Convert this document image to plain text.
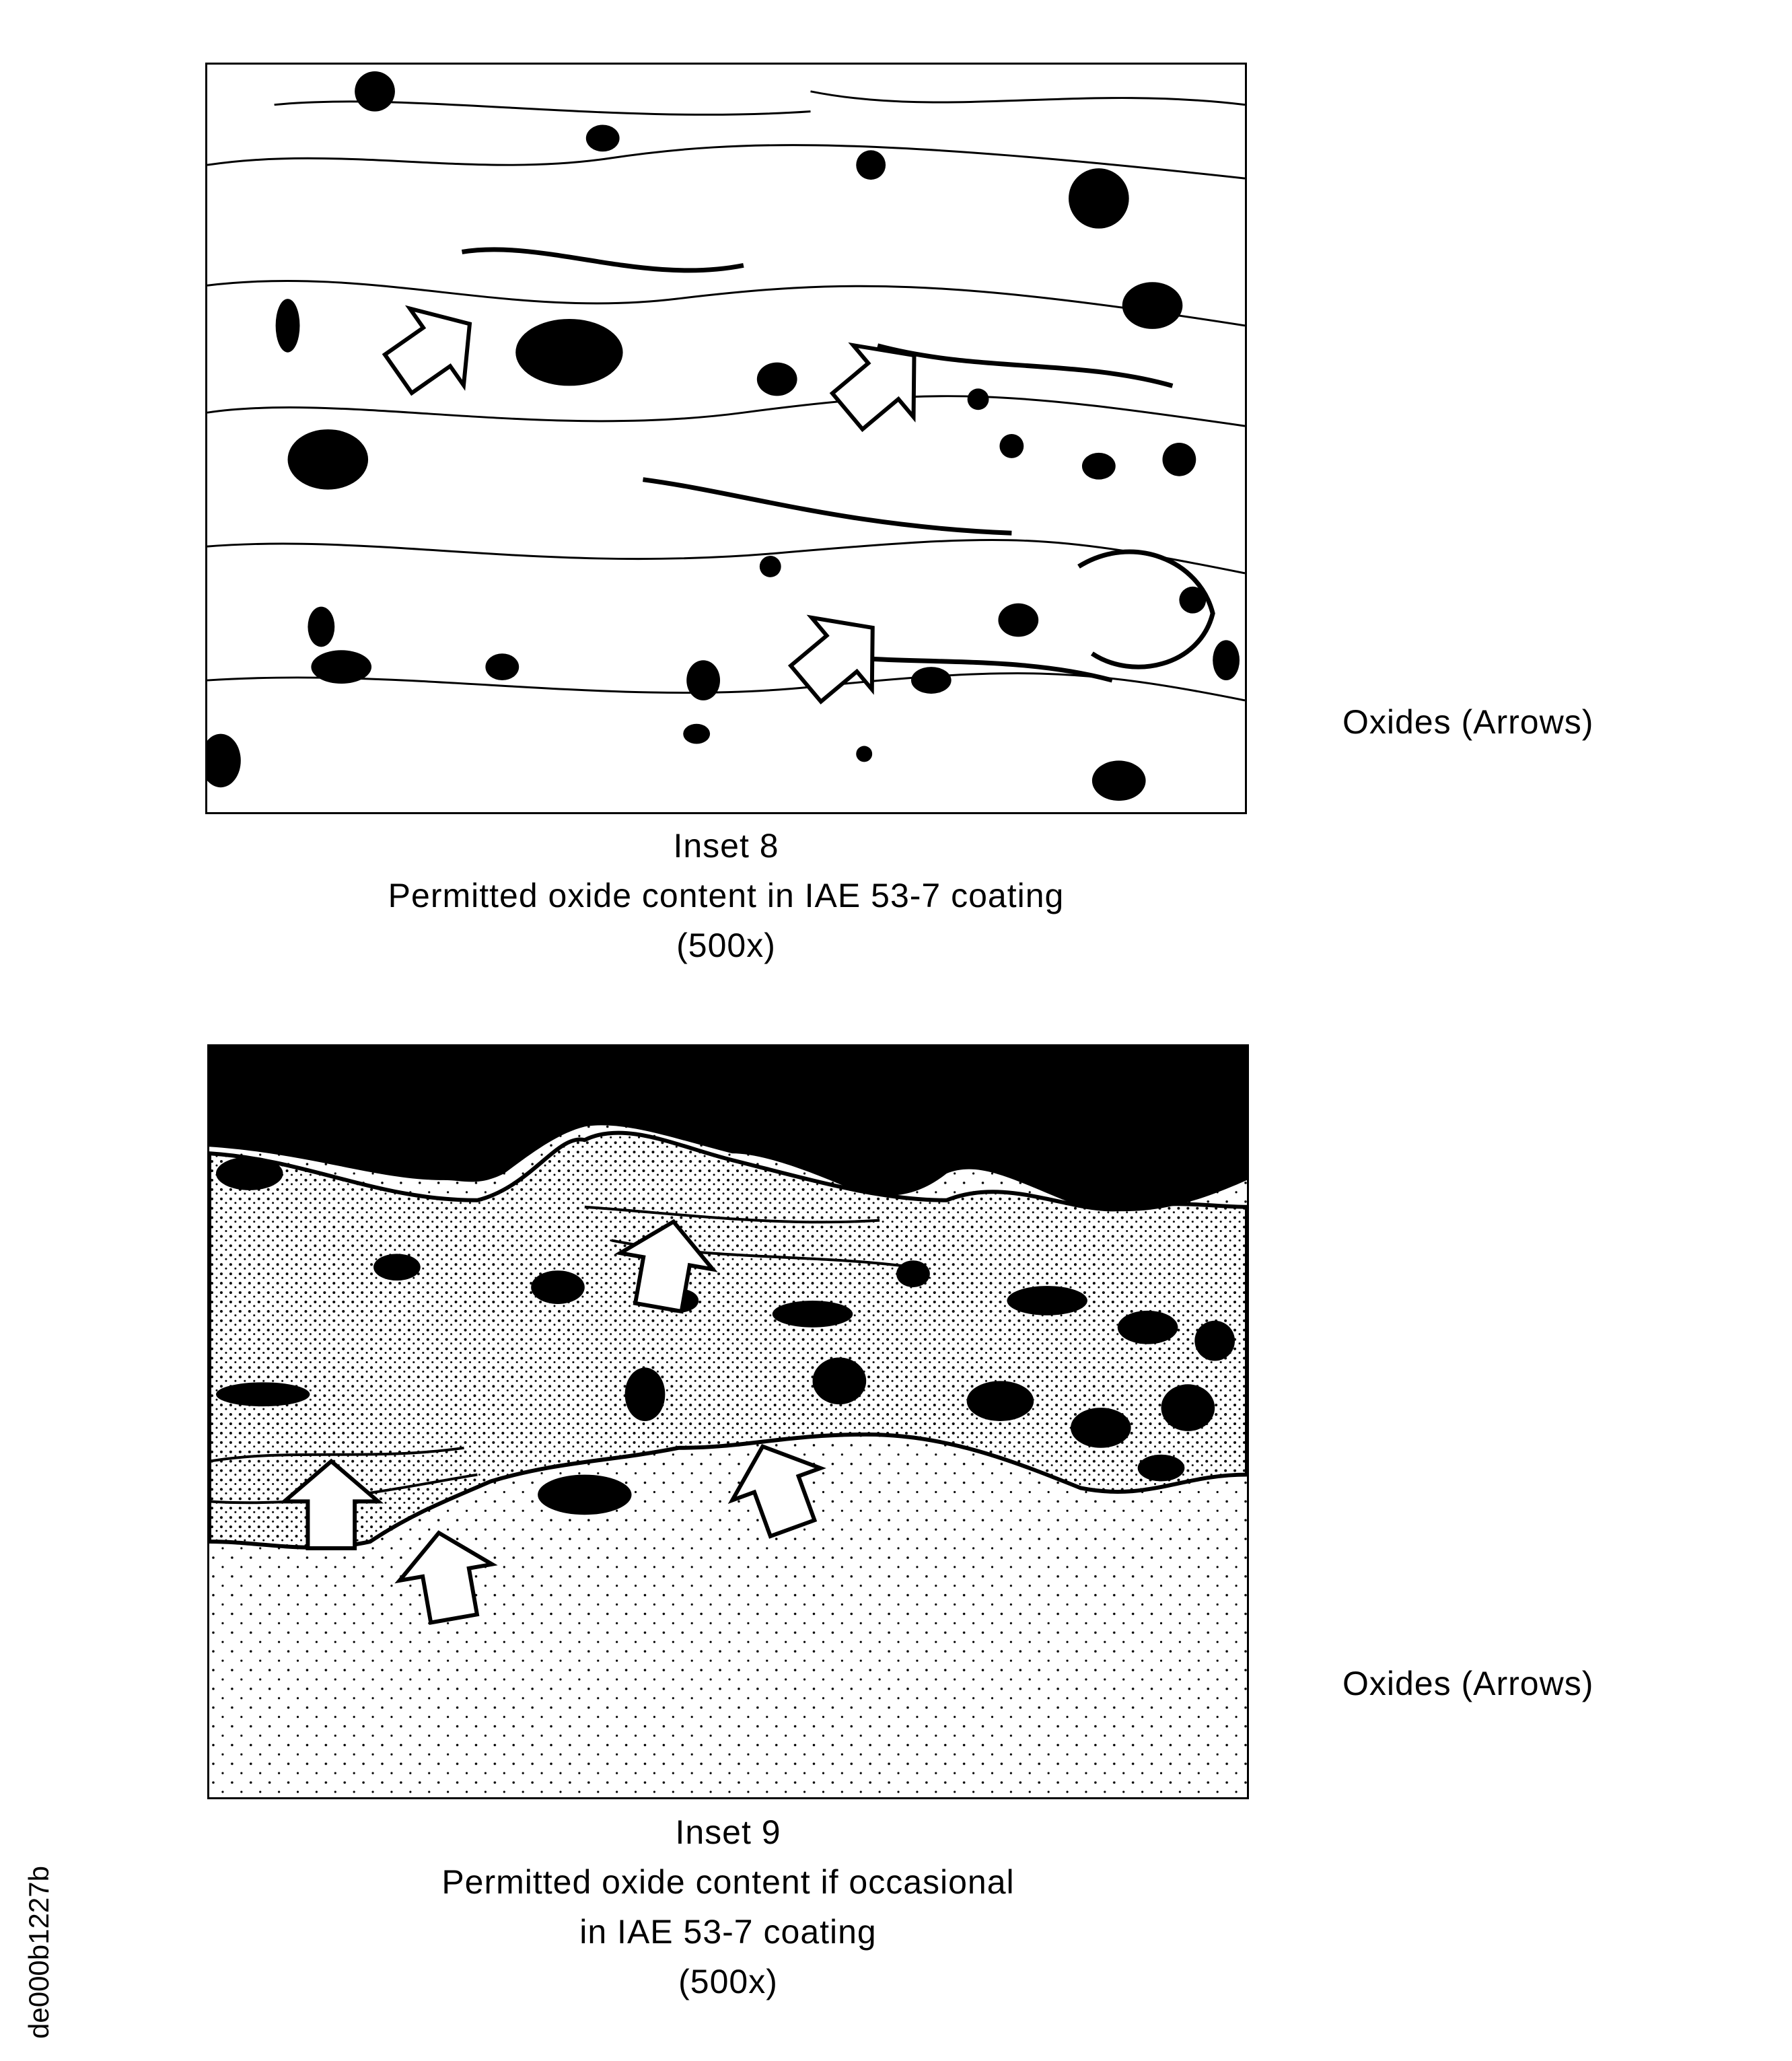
Inset 8
Permitted oxide content in IAE 53-7 coating
(500x)
Oxides (Arrows)
Inset 9
Permitted oxide content if occasional
in IAE 53-7 coating
(500x)
Oxides (Arrows)
de000b1227b
